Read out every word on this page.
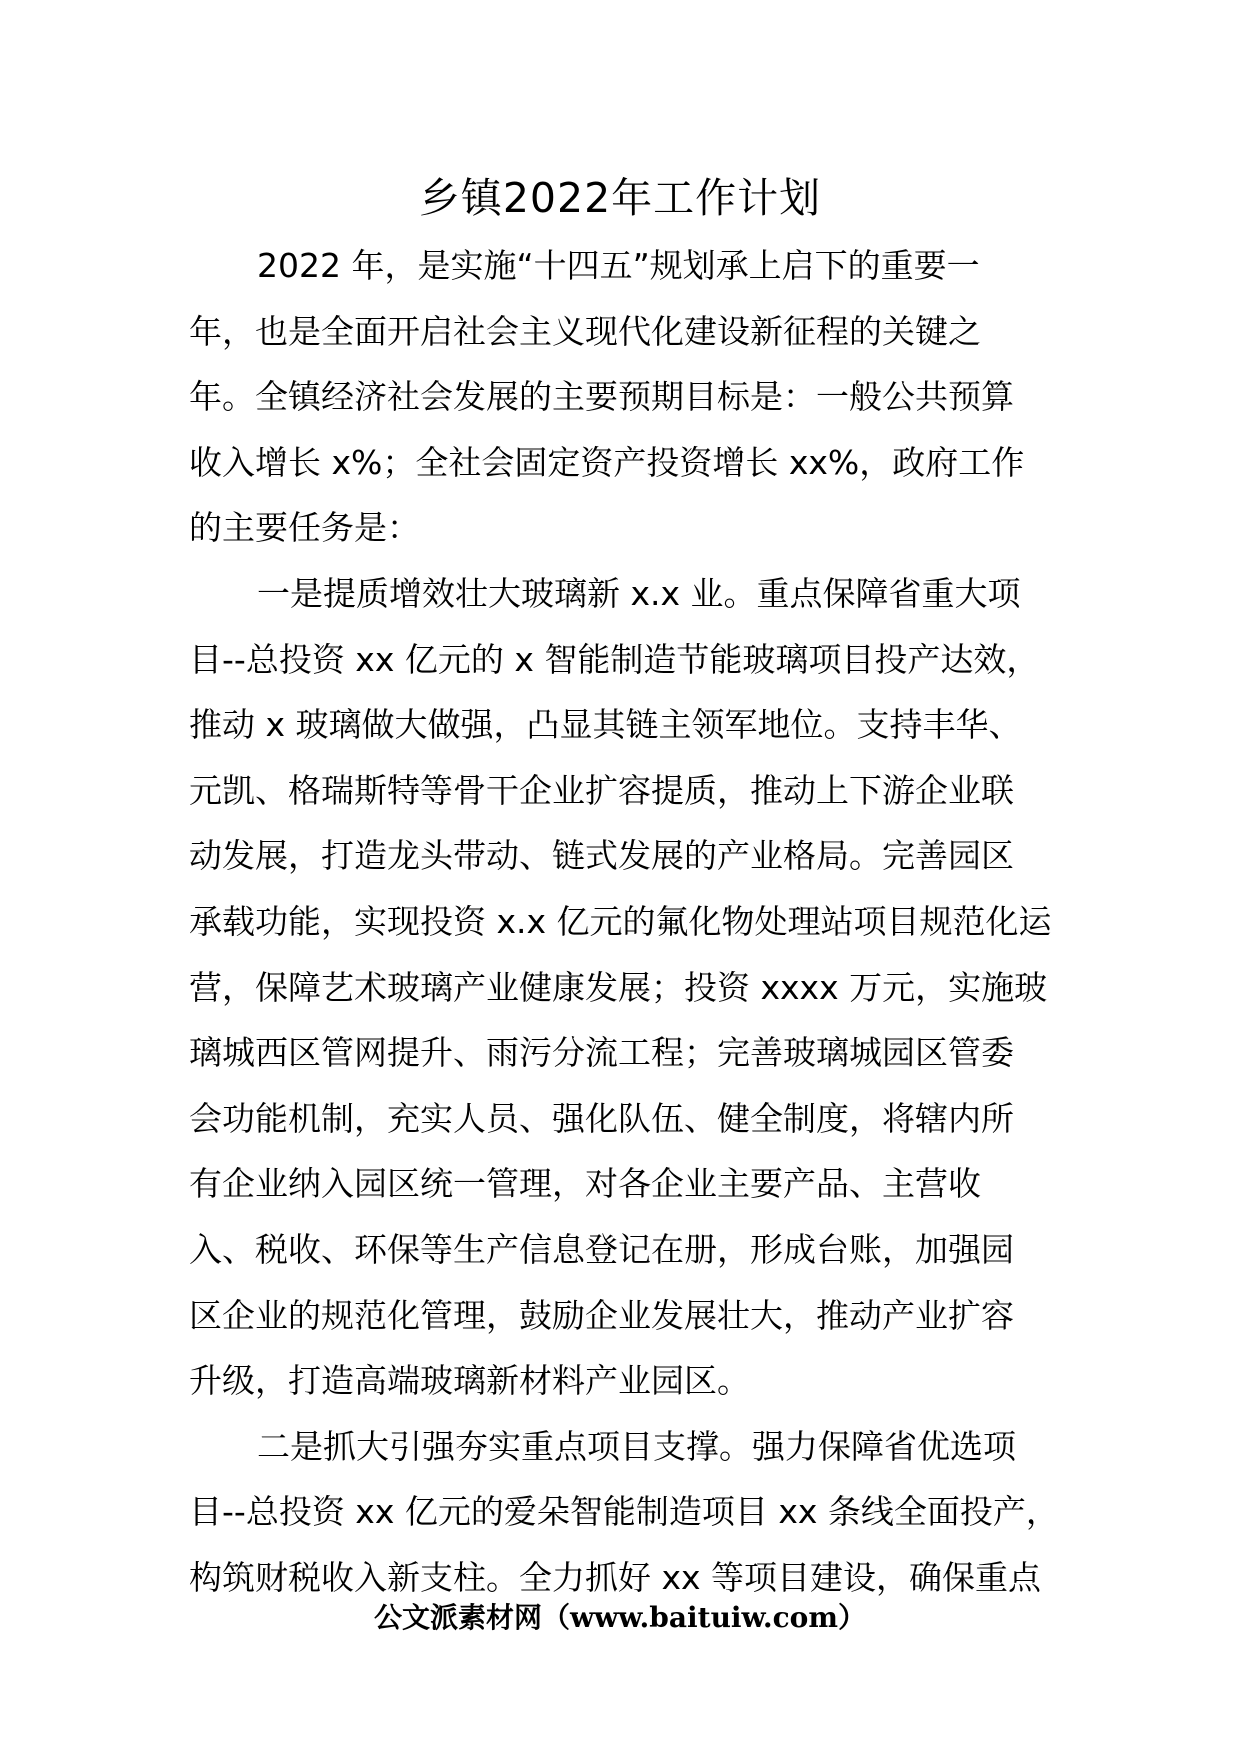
乡镇2022年工作计划
2022 年，是实施“十四五”规划承上启下的重要一
年，也是全面开启社会主义现代化建设新征程的关键之
年。全镇经济社会发展的主要预期目标是：一般公共预算
收入增长 x%；全社会固定资产投资增长 xx%，政府工作
的主要任务是：
一是提质增效壮大玻璃新 x.x 业。重点保障省重大项
目--总投资 xx 亿元的 x 智能制造节能玻璃项目投产达效，
推动 x 玻璃做大做强，凸显其链主领军地位。支持丰华、
元凯、格瑞斯特等骨干企业扩容提质，推动上下游企业联
动发展，打造龙头带动、链式发展的产业格局。完善园区
承载功能，实现投资 x.x 亿元的氟化物处理站项目规范化运
营，保障艺术玻璃产业健康发展；投资 xxxx 万元，实施玻
璃城西区管网提升、雨污分流工程；完善玻璃城园区管委
会功能机制，充实人员、强化队伍、健全制度，将辖内所
有企业纳入园区统一管理，对各企业主要产品、主营收
入、税收、环保等生产信息登记在册，形成台账，加强园
区企业的规范化管理，鼓励企业发展壮大，推动产业扩容
升级，打造高端玻璃新材料产业园区。
二是抓大引强夯实重点项目支撑。强力保障省优选项
目--总投资 xx 亿元的爱朵智能制造项目 xx 条线全面投产，
构筑财税收入新支柱。全力抓好 xx 等项目建设，确保重点
公文派素材网（www.baituiw.com）
